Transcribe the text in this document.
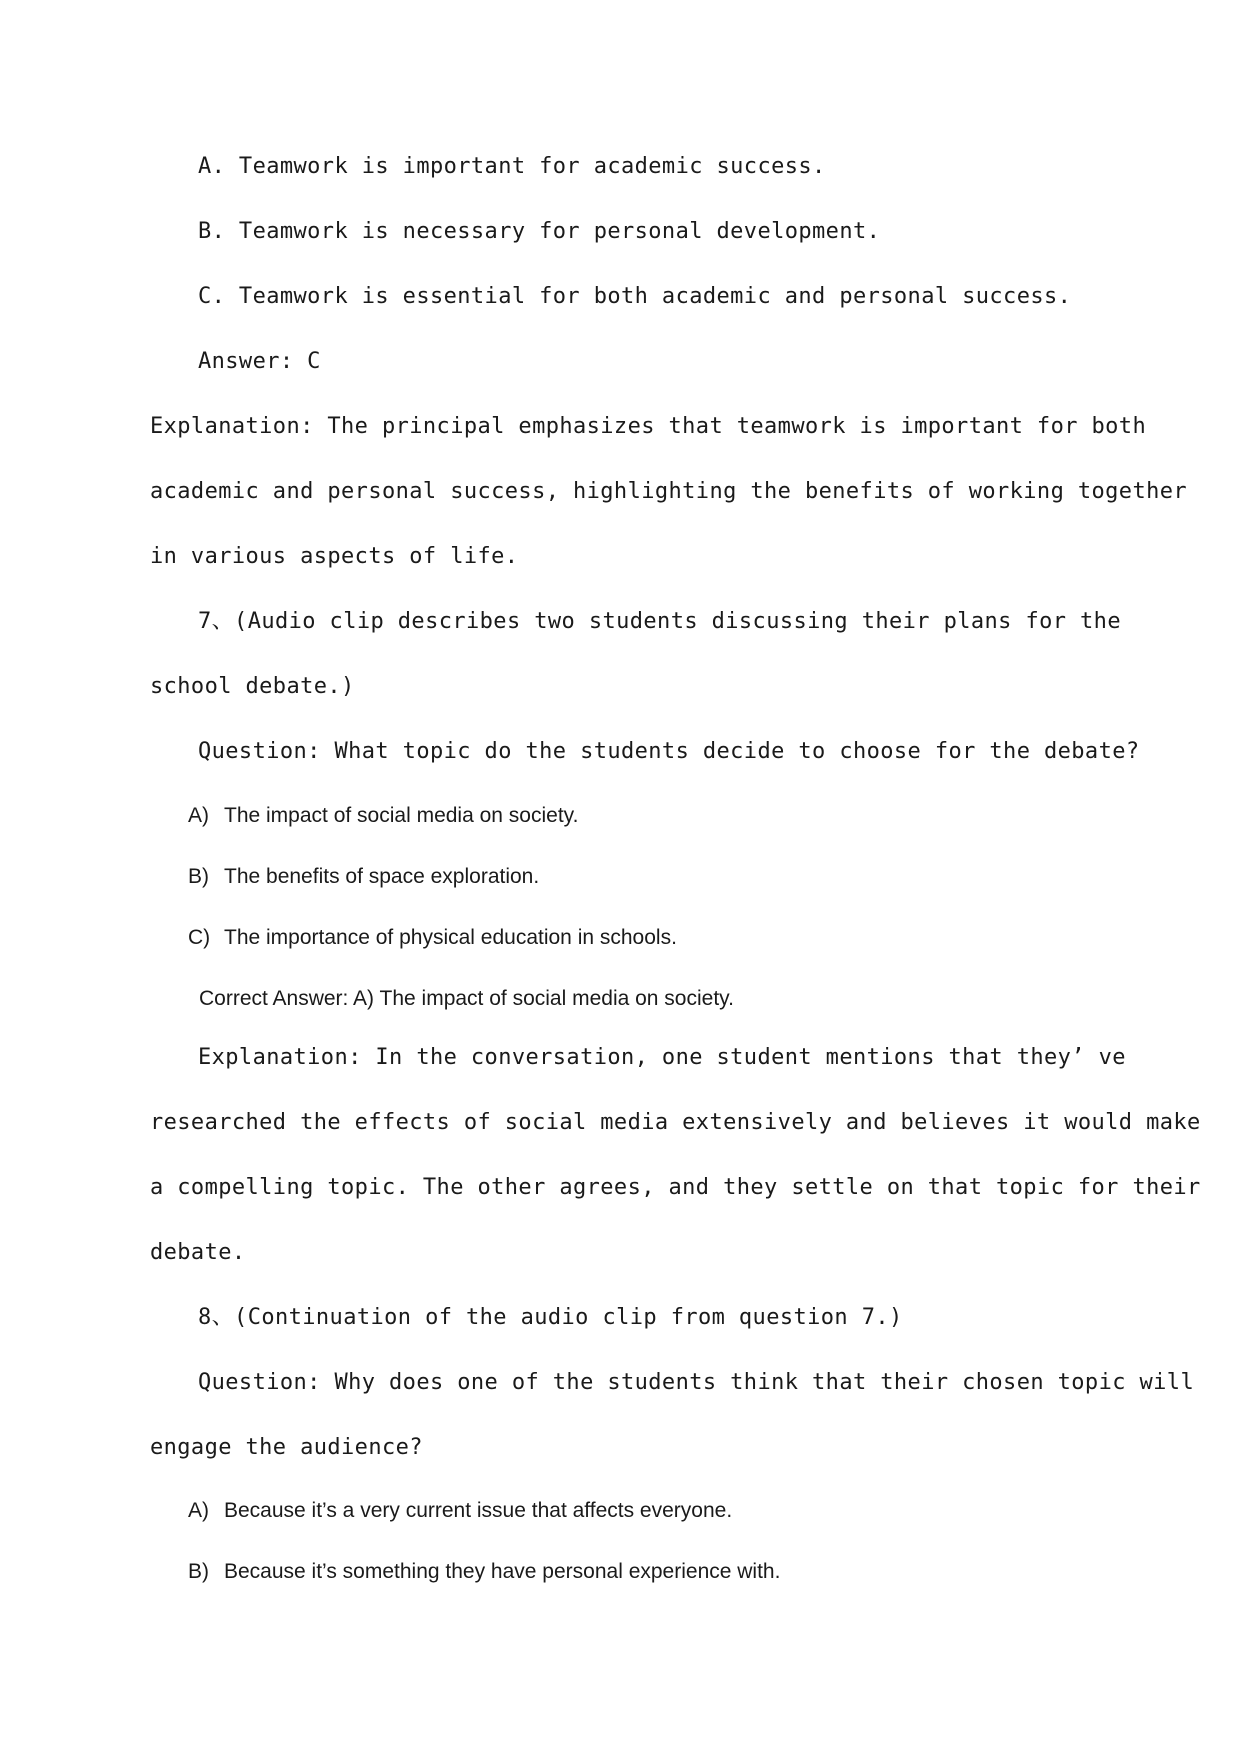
A. Teamwork is important for academic success.
B. Teamwork is necessary for personal development.
C. Teamwork is essential for both academic and personal success.
Answer: C
Explanation: The principal emphasizes that teamwork is important for both
academic and personal success, highlighting the benefits of working together
in various aspects of life.
7、(Audio clip describes two students discussing their plans for the
school debate.)
Question: What topic do the students decide to choose for the debate?
A) The impact of social media on society.
B) The benefits of space exploration.
C) The importance of physical education in schools.
Correct Answer: A) The impact of social media on society.
Explanation: In the conversation, one student mentions that they’ ve
researched the effects of social media extensively and believes it would make
a compelling topic. The other agrees, and they settle on that topic for their
debate.
8、(Continuation of the audio clip from question 7.)
Question: Why does one of the students think that their chosen topic will
engage the audience?
A) Because it’s a very current issue that affects everyone.
B) Because it’s something they have personal experience with.
